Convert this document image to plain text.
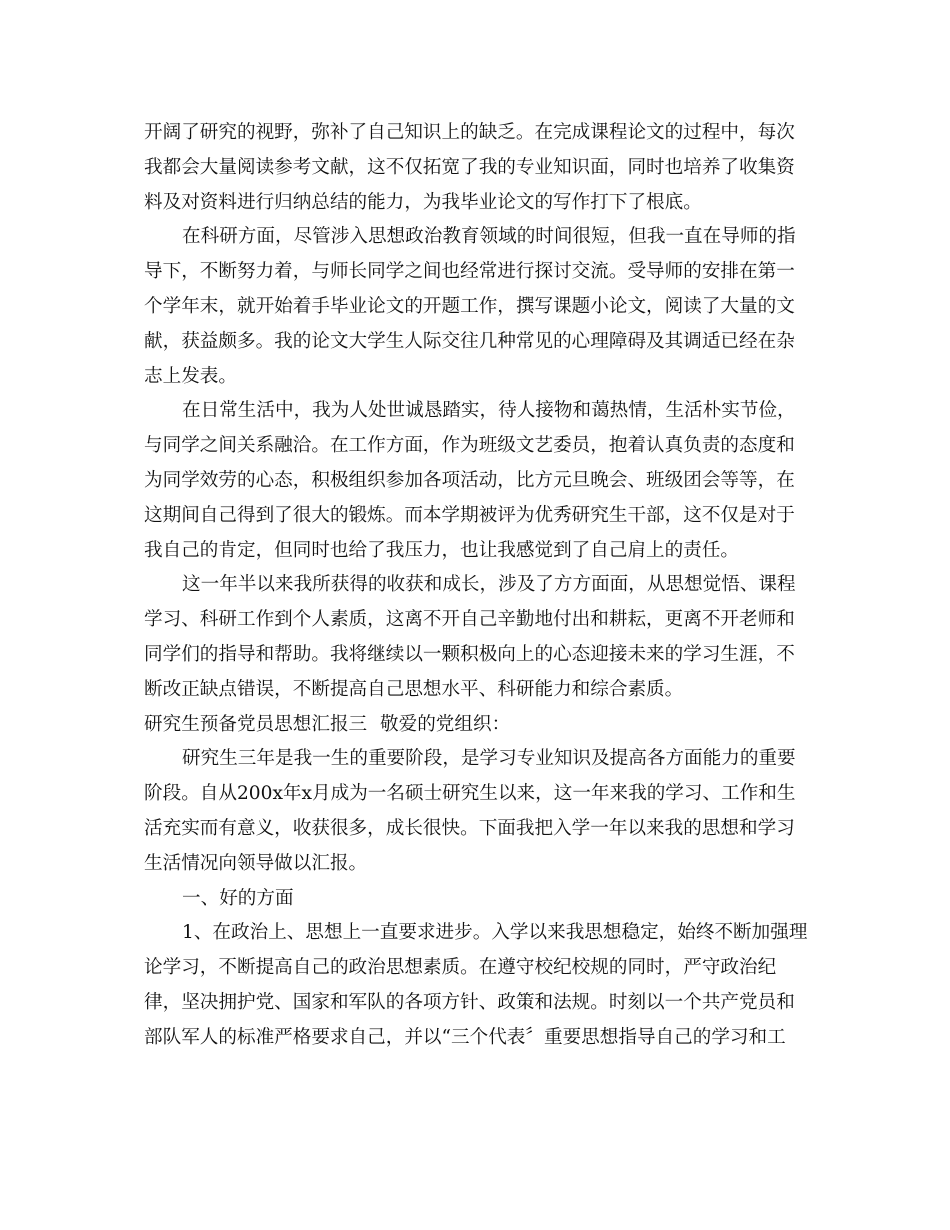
开阔了研究的视野，弥补了自己知识上的缺乏。在完成课程论文的过程中，每次
我都会大量阅读参考文献，这不仅拓宽了我的专业知识面，同时也培养了收集资
料及对资料进行归纳总结的能力，为我毕业论文的写作打下了根底。
在科研方面，尽管涉入思想政治教育领域的时间很短，但我一直在导师的指
导下，不断努力着，与师长同学之间也经常进行探讨交流。受导师的安排在第一
个学年末，就开始着手毕业论文的开题工作，撰写课题小论文，阅读了大量的文
献，获益颇多。我的论文大学生人际交往几种常见的心理障碍及其调适已经在杂
志上发表。
在日常生活中，我为人处世诚恳踏实，待人接物和蔼热情，生活朴实节俭，
与同学之间关系融洽。在工作方面，作为班级文艺委员，抱着认真负责的态度和
为同学效劳的心态，积极组织参加各项活动，比方元旦晚会、班级团会等等，在
这期间自己得到了很大的锻炼。而本学期被评为优秀研究生干部，这不仅是对于
我自己的肯定，但同时也给了我压力，也让我感觉到了自己肩上的责任。
这一年半以来我所获得的收获和成长，涉及了方方面面，从思想觉悟、课程
学习、科研工作到个人素质，这离不开自己辛勤地付出和耕耘，更离不开老师和
同学们的指导和帮助。我将继续以一颗积极向上的心态迎接未来的学习生涯，不
断改正缺点错误，不断提高自己思想水平、科研能力和综合素质。
研究生预备党员思想汇报三 敬爱的党组织：
研究生三年是我一生的重要阶段，是学习专业知识及提高各方面能力的重要
阶段。自从200x年x月成为一名硕士研究生以来，这一年来我的学习、工作和生
活充实而有意义，收获很多，成长很快。下面我把入学一年以来我的思想和学习
生活情况向领导做以汇报。
一、好的方面
1、在政治上、思想上一直要求进步。入学以来我思想稳定，始终不断加强理
论学习，不断提高自己的政治思想素质。在遵守校纪校规的同时，严守政治纪
律，坚决拥护党、国家和军队的各项方针、政策和法规。时刻以一个共产党员和
部队军人的标准严格要求自己，并以“三个代表〞重要思想指导自己的学习和工
